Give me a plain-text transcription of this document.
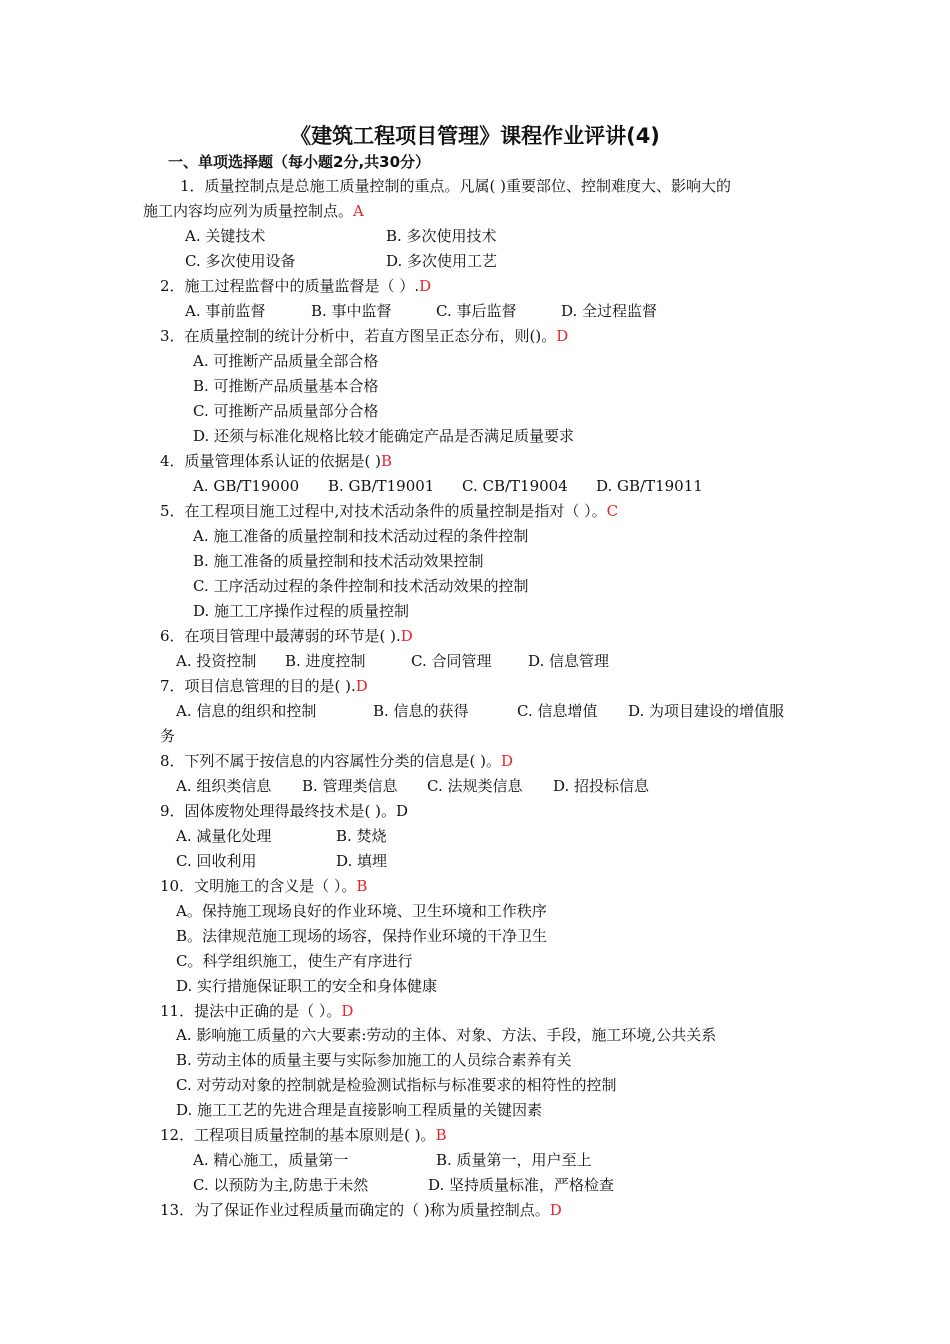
《建筑工程项目管理》课程作业评讲(4)
一、单项选择题（每小题2分,共30分）
1．质量控制点是总施工质量控制的重点。凡属( )重要部位、控制难度大、影响大的
施工内容均应列为质量控制点。A
A. 关键技术	B. 多次使用技术
C. 多次使用设备	D. 多次使用工艺
2．施工过程监督中的质量监督是（ ）.D
A. 事前监督	B. 事中监督	C. 事后监督	D. 全过程监督
3．在质量控制的统计分析中，若直方图呈正态分布，则()。D
A. 可推断产品质量全部合格
B. 可推断产品质量基本合格
C. 可推断产品质量部分合格
D. 还须与标准化规格比较才能确定产品是否满足质量要求
4．质量管理体系认证的依据是( )B
A. GB/T19000 B. GB/T19001 C. CB/T19004 D. GB/T19011
5．在工程项目施工过程中,对技术活动条件的质量控制是指对（ ）。C
A. 施工准备的质量控制和技术活动过程的条件控制
B. 施工准备的质量控制和技术活动效果控制
C. 工序活动过程的条件控制和技术活动效果的控制
D. 施工工序操作过程的质量控制
6．在项目管理中最薄弱的环节是( ).D
A. 投资控制 B. 进度控制	C. 合同管理 D. 信息管理
7．项目信息管理的目的是( ).D
A. 信息的组织和控制	B. 信息的获得	C. 信息增值 D. 为项目建设的增值服
务
8．下列不属于按信息的内容属性分类的信息是( )。D
A. 组织类信息 B. 管理类信息 C. 法规类信息 D. 招投标信息
9．固体废物处理得最终技术是( )。D
A. 减量化处理	B. 焚烧
C. 回收利用	D. 填埋
10．文明施工的含义是（ ）。B
A。保持施工现场良好的作业环境、卫生环境和工作秩序
B。法律规范施工现场的场容，保持作业环境的干净卫生
C。科学组织施工，使生产有序进行
D. 实行措施保证职工的安全和身体健康
11．提法中正确的是（ ）。D
A. 影响施工质量的六大要素:劳动的主体、对象、方法、手段，施工环境,公共关系
B. 劳动主体的质量主要与实际参加施工的人员综合素养有关
C. 对劳动对象的控制就是检验测试指标与标准要求的相符性的控制
D. 施工工艺的先进合理是直接影响工程质量的关键因素
12．工程项目质量控制的基本原则是( )。B
A. 精心施工，质量第一	B. 质量第一，用户至上
C. 以预防为主,防患于未然	D. 坚持质量标准，严格检查
13．为了保证作业过程质量而确定的（ )称为质量控制点。D
